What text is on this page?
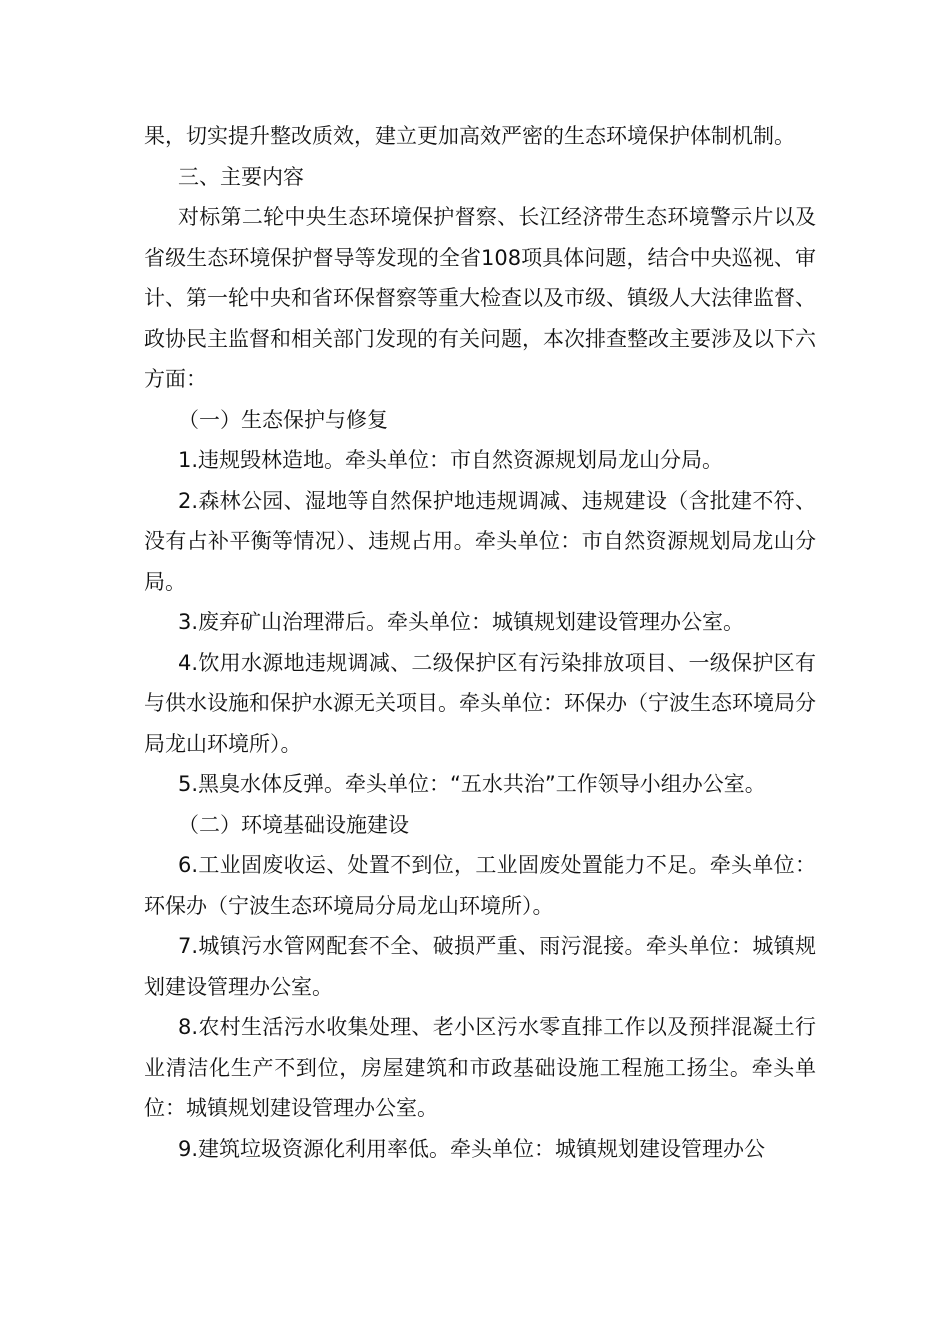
果，切实提升整改质效，建立更加高效严密的生态环境保护体制机制。

三、主要内容

对标第二轮中央生态环境保护督察、长江经济带生态环境警示片以及省级生态环境保护督导等发现的全省108项具体问题，结合中央巡视、审计、第一轮中央和省环保督察等重大检查以及市级、镇级人大法律监督、政协民主监督和相关部门发现的有关问题，本次排查整改主要涉及以下六方面：

（一）生态保护与修复

1.违规毁林造地。牵头单位：市自然资源规划局龙山分局。

2.森林公园、湿地等自然保护地违规调减、违规建设（含批建不符、没有占补平衡等情况）、违规占用。牵头单位：市自然资源规划局龙山分局。

3.废弃矿山治理滞后。牵头单位：城镇规划建设管理办公室。

4.饮用水源地违规调减、二级保护区有污染排放项目、一级保护区有与供水设施和保护水源无关项目。牵头单位：环保办（宁波生态环境局分局龙山环境所）。

5.黑臭水体反弹。牵头单位：“五水共治”工作领导小组办公室。

（二）环境基础设施建设

6.工业固废收运、处置不到位，工业固废处置能力不足。牵头单位：环保办（宁波生态环境局分局龙山环境所）。

7.城镇污水管网配套不全、破损严重、雨污混接。牵头单位：城镇规划建设管理办公室。

8.农村生活污水收集处理、老小区污水零直排工作以及预拌混凝土行业清洁化生产不到位，房屋建筑和市政基础设施工程施工扬尘。牵头单位：城镇规划建设管理办公室。

9.建筑垃圾资源化利用率低。牵头单位：城镇规划建设管理办公
